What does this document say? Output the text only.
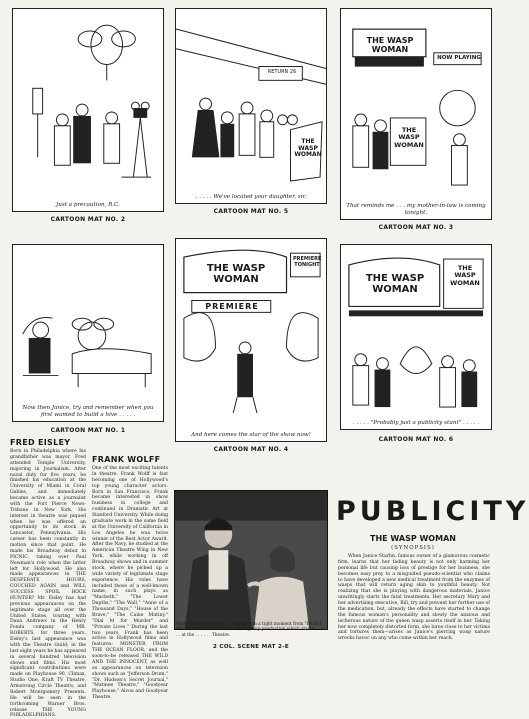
Just a precaution, R.C.
CARTOON MAT NO. 2
RETURN 26
THE WASP WOMAN
. . . . . We've located your daughter, sir.
CARTOON MAT NO. 5
THE WASP WOMAN
NOW PLAYING
THE WASP WOMAN
That reminds me . . . my mother-in-law is coming tonight.
CARTOON MAT NO. 3
Now then Janice, try and remember when you first wanted to build a hive . . . . .
CARTOON MAT NO. 1
THE WASP WOMAN
PREMIERE
PREMIERE TONIGHT
And here comes the star of the show now!
CARTOON MAT NO. 4
THE WASP WOMAN
THE WASP WOMAN
. . . . . "Probably just a publicity stunt" . . . . .
CARTOON MAT NO. 6
FRED EISLEY
Born in Philadelphia where his grandfather was mayor, Fred attended Temple University, majoring in Journalism. After naval duty for five years, he finished his education at the University of Miami in Coral Gables, and immediately became active as a journalist with the Fort Pierce News-Tribune in New York. His interest in theatre was piqued when he was offered an opportunity to do stock in Lancaster, Pennsylvania. His career has been constantly in motion since that point. He made his Broadway debut in PICNIC, taking over Paul Newman's role when the latter left for Hollywood. He also made appearances in THE DESPERATE HOURS, COUCHED AGAIN and WILL SUCCESS SPOIL ROCK HUNTER? Mr. Eisley has had previous appearances on the legitimate stage all over the United States, touring with Dana Andrews in the Henry Fonda company of MR. ROBERTS, for three years. Eisley's last appearance was with the Theatre Guild; in the last eight years he has appeared in several hundred television shows and films. His most significant contributions were made on Playhouse 90, Climax, Studio One, Kraft TV Theatre, Armstrong Circle Theatre, and Robert Montgomery Presents. He will be seen in the forthcoming Warner Bros. release THE YOUNG PHILADELPHIANS.
FRANK WOLFF
One of the most exciting talents in theatre, Frank Wolff is fast becoming one of Hollywood's top young character actors. Born in San Francisco, Frank became interested in show business in college and continued in Dramatic Art at Stanford University. While doing graduate work in the same field at the University of California in Los Angeles he was twice winner of the Best Actor Award. After the Navy, he studied at the American Theatre Wing in New York, while working in off Broadway shows and in summer stock, where he picked up a wide variety of legitimate stage experience. His roles have included those of a well-known name, in such plays as "Macbeth," "The Lower Depths," "The Wall," "Anne of a Thousand Days," "House of the Brave," "The Caine Mutiny," "Dial M for Murder" and "Private Lives." During the last two years, Frank has been active in Hollywood films and features: MONSTER FROM THE OCEAN FLOOR, and the soon-to-be released THE WILD AND THE INNOCENT, as well as appearances on television shows such as "Jefferson Drum," "Dr. Hudson's Secret Journal," "Matinee Theatre," "Goodyear Playhouse," Alcoa and Goodyear Theatre.
Wally Campo and Lynn Cartwright in a tight moment from "BEAST FROM HAUNTED CAVE," a Filmgroup production which starts . . . . . . . at the . . . . . . Theatre.
2 COL. SCENE MAT 2-E
PUBLICITY
THE WASP WOMAN
(SYNOPSIS)
When Janice Starlin, famous owner of a glamorous cosmetic firm, learns that her fading beauty is not only harming her personal life but causing loss of prestige for her business, she becomes easy prey to a misguided pseudo-scientist who claims to have developed a new medical treatment from the enzymes of wasps that will return aging skin to youthful beauty. Not realizing that she is playing with dangerous materials, Janice unwittingly starts the fatal treatments. Her secretary Mary and her advertising executive, Bill, try and prevent her further use of the medication, but, already the effects have started to change the famous woman's personality and slowly the anxious and lecherous nature of the queen wasp asserts itself in her. Taking her now completely distorted form, she lures close to her victims and tortures them—arises as Janice's piercing wasp nature wrecks havoc on any who come within her reach.
